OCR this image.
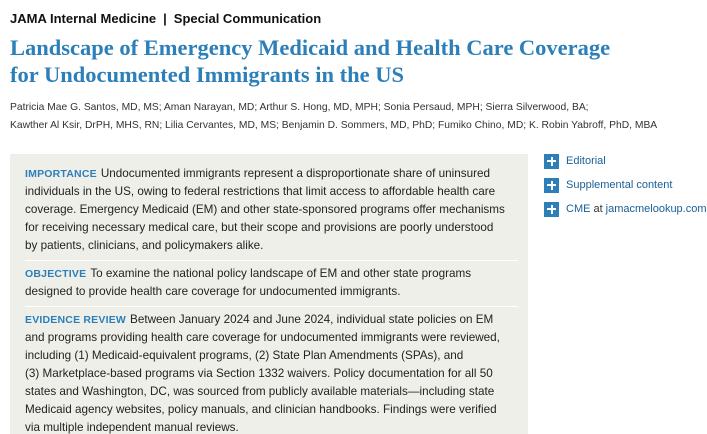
JAMA Internal Medicine | Special Communication
Landscape of Emergency Medicaid and Health Care Coverage
for Undocumented Immigrants in the US
Patricia Mae G. Santos, MD, MS; Aman Narayan, MD; Arthur S. Hong, MD, MPH; Sonia Persaud, MPH; Sierra Silverwood, BA;
Kawther Al Ksir, DrPH, MHS, RN; Lilia Cervantes, MD, MS; Benjamin D. Sommers, MD, PhD; Fumiko Chino, MD; K. Robin Yabroff, PhD, MBA
IMPORTANCE Undocumented immigrants represent a disproportionate share of uninsured
individuals in the US, owing to federal restrictions that limit access to affordable health care
coverage. Emergency Medicaid (EM) and other state-sponsored programs offer mechanisms
for receiving necessary medical care, but their scope and provisions are poorly understood
by patients, clinicians, and policymakers alike.
OBJECTIVE To examine the national policy landscape of EM and other state programs
designed to provide health care coverage for undocumented immigrants.
EVIDENCE REVIEW Between January 2024 and June 2024, individual state policies on EM
and programs providing health care coverage for undocumented immigrants were reviewed,
including (1) Medicaid-equivalent programs, (2) State Plan Amendments (SPAs), and
(3) Marketplace-based programs via Section 1332 waivers. Policy documentation for all 50
states and Washington, DC, was sourced from publicly available materials—including state
Medicaid agency websites, policy manuals, and clinician handbooks. Findings were verified
via multiple independent manual reviews.
Editorial
Supplemental content
CME at jamacmelookup.com
